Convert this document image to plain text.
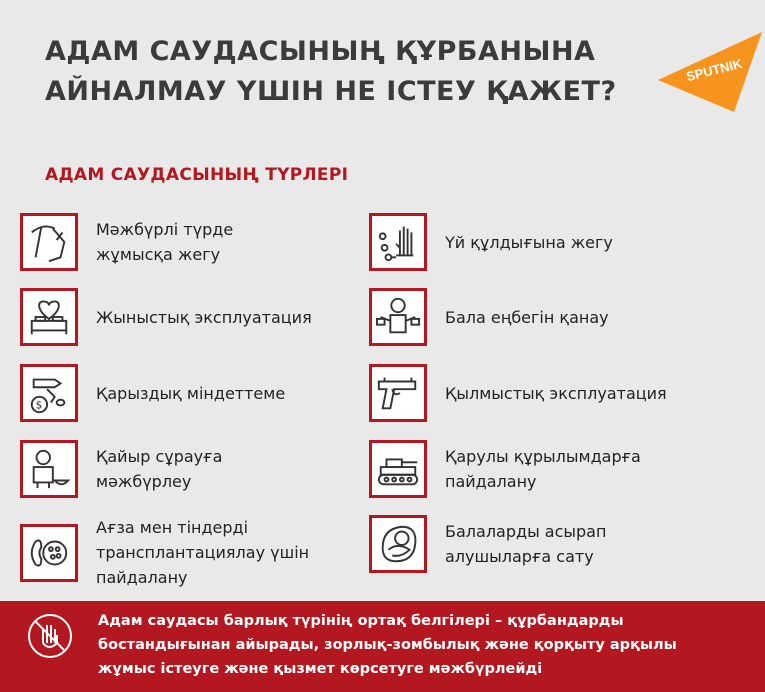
АДАМ САУДАСЫНЫҢ ҚҰРБАНЫНА
АЙНАЛМАУ ҮШІН НЕ ІСТЕУ ҚАЖЕТ?
SPUTNIK
АДАМ САУДАСЫНЫҢ ТҮРЛЕРІ
Мәжбүрлі түрде
жұмысқа жегу
Жыныстық эксплуатация
$
Қарыздық міндеттеме
Қайыр сұрауға
мәжбүрлеу
Ағза мен тіндерді
трансплантациялау үшін
пайдалану
Үй құлдығына жегу
Бала еңбегін қанау
Қылмыстық эксплуатация
Қарулы құрылымдарға
пайдалану
Балаларды асырап
алушыларға сату
Адам саудасы барлық түрінің ортақ белгілері – құрбандарды
бостандығынан айырады, зорлық-зомбылық және қорқыту арқылы
жұмыс істеуге және қызмет көрсетуге мәжбүрлейді
